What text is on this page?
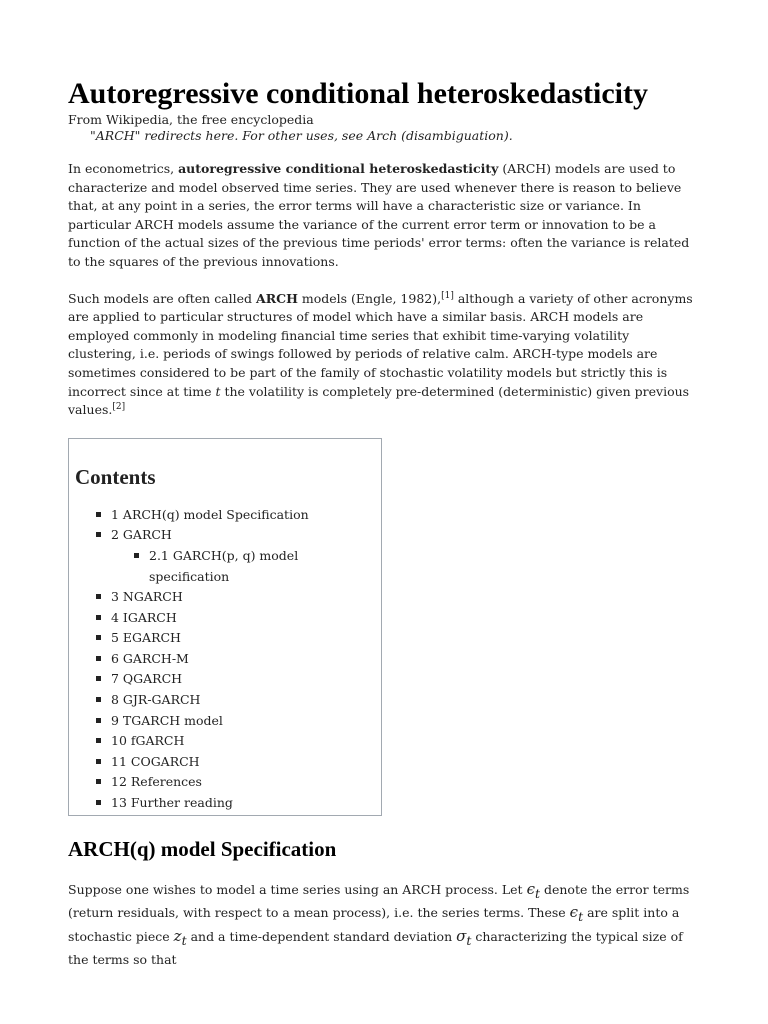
Autoregressive conditional heteroskedasticity
From Wikipedia, the free encyclopedia
"ARCH" redirects here. For other uses, see Arch (disambiguation).

In econometrics, autoregressive conditional heteroskedasticity (ARCH) models are used to characterize and model observed time series. They are used whenever there is reason to believe that, at any point in a series, the error terms will have a characteristic size or variance. In particular ARCH models assume the variance of the current error term or innovation to be a function of the actual sizes of the previous time periods' error terms: often the variance is related to the squares of the previous innovations.

Such models are often called ARCH models (Engle, 1982),[1] although a variety of other acronyms are applied to particular structures of model which have a similar basis. ARCH models are employed commonly in modeling financial time series that exhibit time-varying volatility clustering, i.e. periods of swings followed by periods of relative calm. ARCH-type models are sometimes considered to be part of the family of stochastic volatility models but strictly this is incorrect since at time t the volatility is completely pre-determined (deterministic) given previous values.[2]

Contents
1 ARCH(q) model Specification
2 GARCH
2.1 GARCH(p, q) model specification
3 NGARCH
4 IGARCH
5 EGARCH
6 GARCH-M
7 QGARCH
8 GJR-GARCH
9 TGARCH model
10 fGARCH
11 COGARCH
12 References
13 Further reading
ARCH(q) model Specification

Suppose one wishes to model a time series using an ARCH process. Let $\epsilon_t$ denote the error terms (return residuals, with respect to a mean process), i.e. the series terms. These $\epsilon_t$ are split into a stochastic piece $z_t$ and a time-dependent standard deviation $\sigma_t$ characterizing the typical size of the terms so that
